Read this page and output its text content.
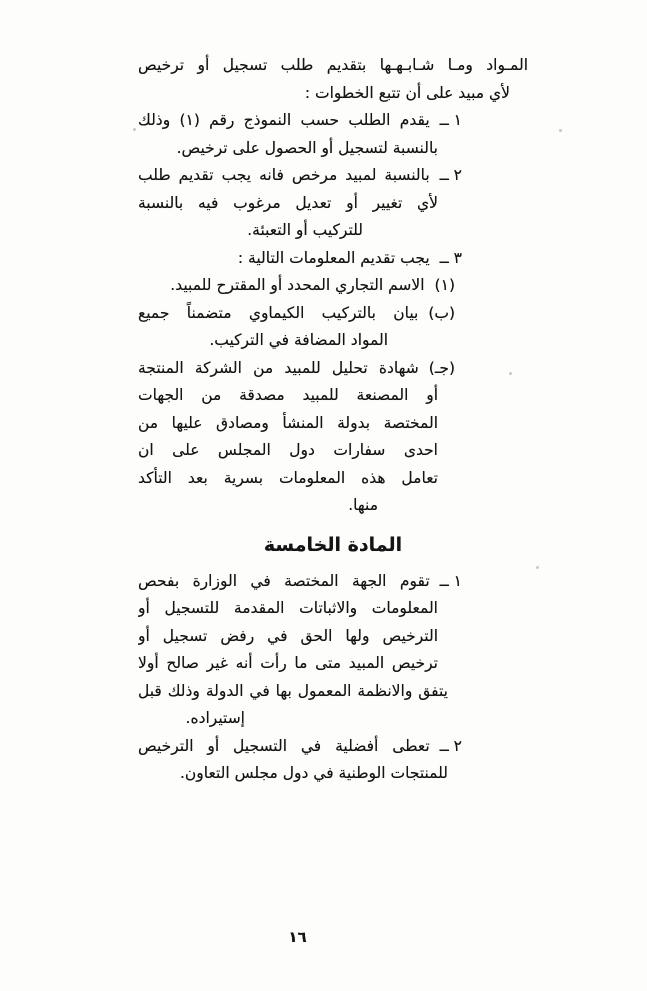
المـواد ومـا شـابـهـها بتقديم طلب تسجيل أو ترخيص
لأي مبيد على أن تتبع الخطوات :
١ ــ
يقدم الطلب حسب النموذج رقم (١) وذلك
بالنسبة لتسجيل أو الحصول على ترخيص.
٢ ــ
بالنسبة لمبيد مرخص فانه يجب تقديم طلب
لأي تغيير أو تعديل مرغوب فيه بالنسبة
للتركيب أو التعبئة.
٣ ــ
يجب تقديم المعلومات التالية :
(١)
الاسم التجاري المحدد أو المقترح للمبيد.
(ب)
بيان بالتركيب الكيماوي متضمناً جميع
المواد المضافة في التركيب.
(جـ)
شهادة تحليل للمبيد من الشركة المنتجة
أو المصنعة للمبيد مصدقة من الجهات
المختصة بدولة المنشأ ومصادق عليها من
احدى سفارات دول المجلس على ان
تعامل هذه المعلومات بسرية بعد التأكد
منها.
المادة الخامسة
١ ــ
تقوم الجهة المختصة في الوزارة بفحص
المعلومات والاثباتات المقدمة للتسجيل أو
الترخيص ولها الحق في رفض تسجيل أو
ترخيص المبيد متى ما رأت أنه غير صالح أولا
يتفق والانظمة المعمول بها في الدولة وذلك قبل
إستيراده.
٢ ــ
تعطى أفضلية في التسجيل أو الترخيص
للمنتجات الوطنية في دول مجلس التعاون.
١٦
